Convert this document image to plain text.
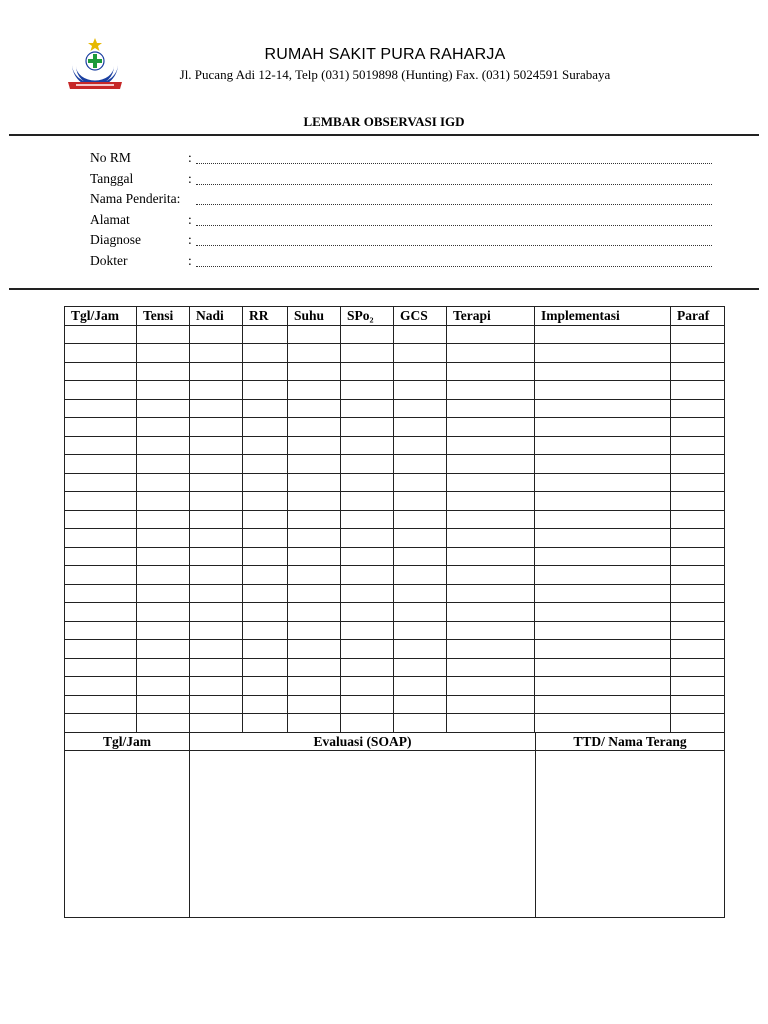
RUMAH SAKIT PURA RAHARJA
Jl. Pucang Adi 12-14, Telp (031) 5019898 (Hunting) Fax. (031) 5024591 Surabaya
LEMBAR OBSERVASI IGD
No RM	:
Tanggal	:
Nama Penderita:
Alamat	:
Diagnose	:
Dokter	:
Tgl/Jam	Tensi	Nadi	RR	Suhu	SPo₂	GCS	Terapi	Implementasi	Paraf

Tgl/Jam	Evaluasi (SOAP)	TTD/ Nama Terang
